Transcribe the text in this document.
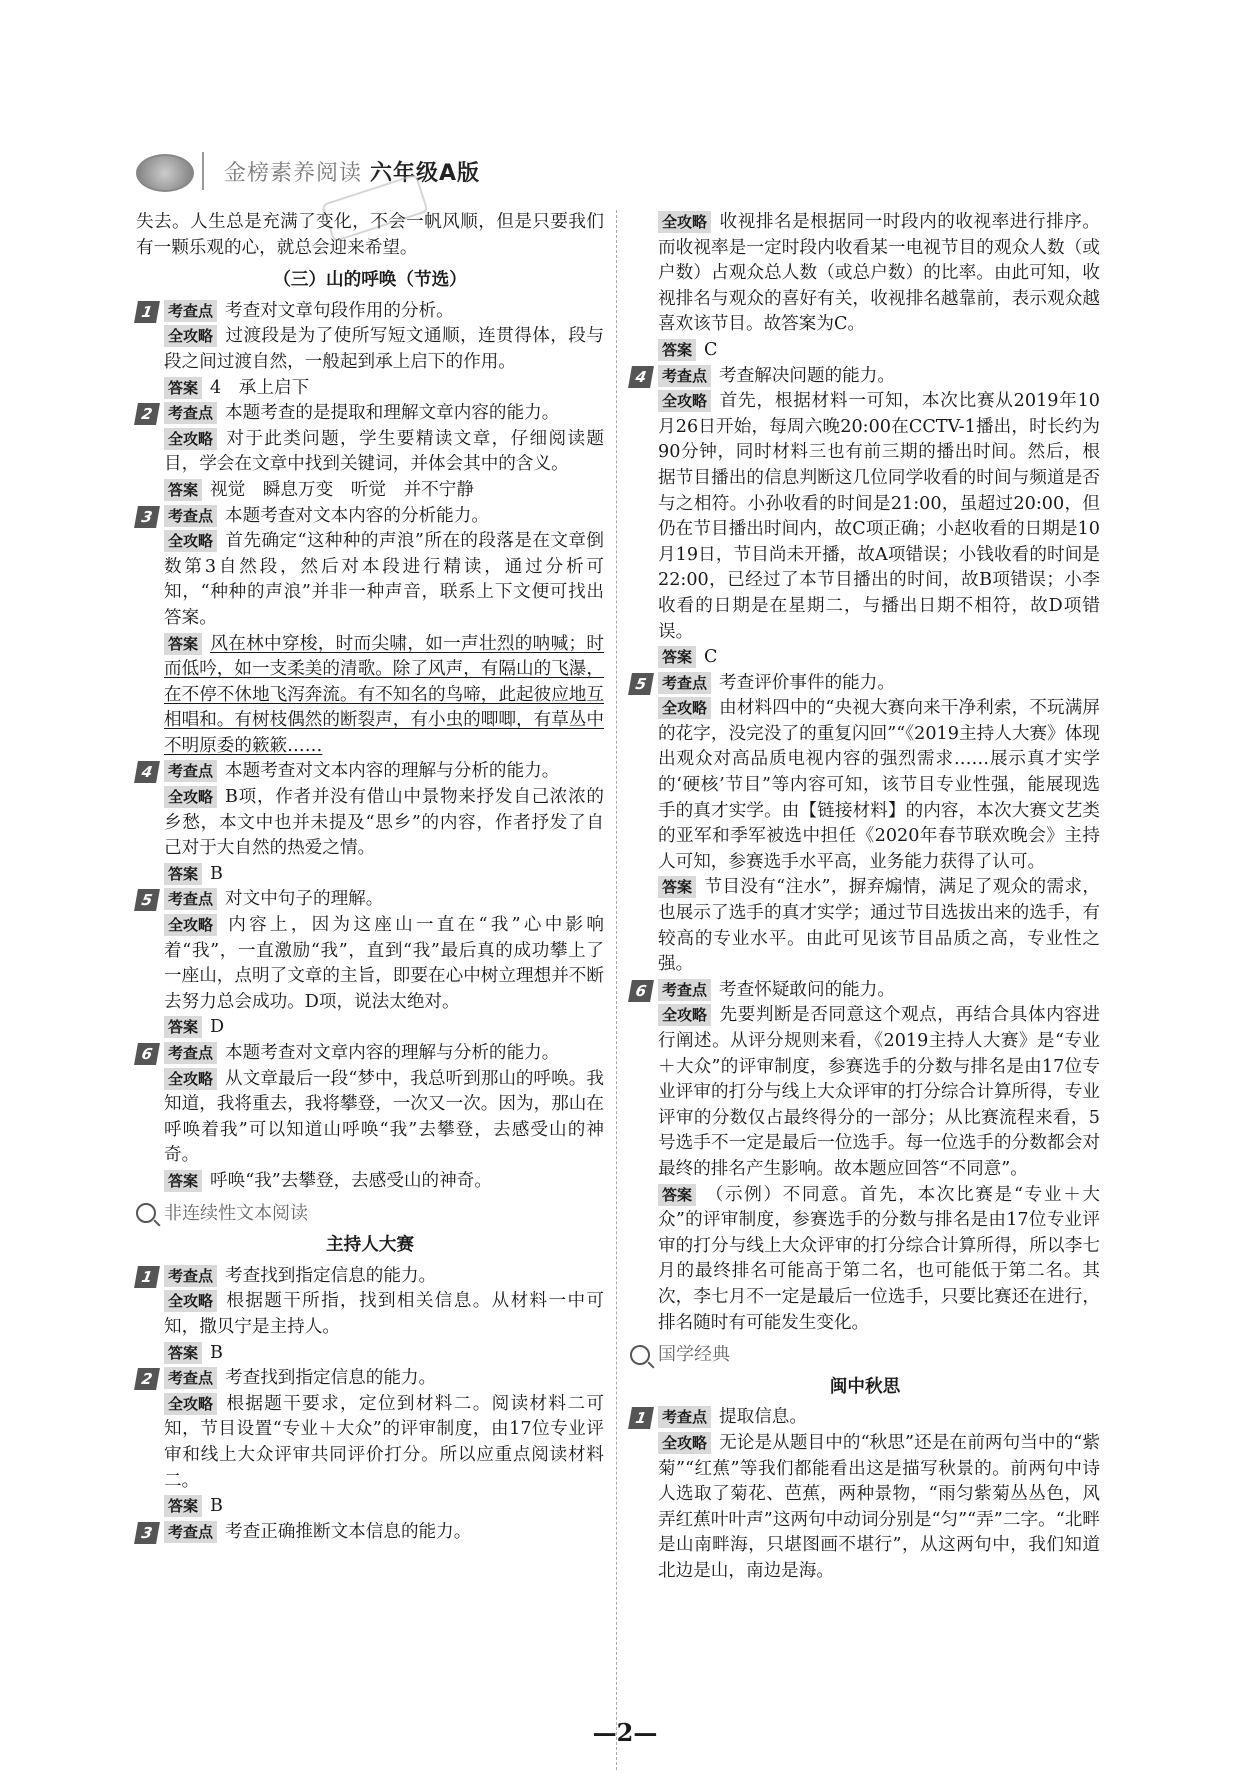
金榜素养阅读 六年级A版

失去。人生总是充满了变化，不会一帆风顺，但是只要我们有一颗乐观的心，就总会迎来希望。

（三）山的呼唤（节选）

1 考查点 考查对文章句段作用的分析。

全攻略 过渡段是为了使所写短文通顺，连贯得体，段与段之间过渡自然，一般起到承上启下的作用。

答案 4　承上启下

2 考查点 本题考查的是提取和理解文章内容的能力。

全攻略 对于此类问题，学生要精读文章，仔细阅读题目，学会在文章中找到关键词，并体会其中的含义。

答案 视觉　瞬息万变　听觉　并不宁静

3 考查点 本题考查对文本内容的分析能力。

全攻略 首先确定“这种种的声浪”所在的段落是在文章倒数第3自然段，然后对本段进行精读，通过分析可知，“种种的声浪”并非一种声音，联系上下文便可找出答案。

答案 风在林中穿梭，时而尖啸，如一声壮烈的呐喊；时而低吟，如一支柔美的清歌。除了风声，有隔山的飞瀑，在不停不休地飞泻奔流。有不知名的鸟啼，此起彼应地互相唱和。有树枝偶然的断裂声，有小虫的唧唧，有草丛中不明原委的簌簌……

4 考查点 本题考查对文本内容的理解与分析的能力。

全攻略 B项，作者并没有借山中景物来抒发自己浓浓的乡愁，本文中也并未提及“思乡”的内容，作者抒发了自己对于大自然的热爱之情。

答案 B

5 考查点 对文中句子的理解。

全攻略 内容上，因为这座山一直在“我”心中影响着“我”，一直激励“我”，直到“我”最后真的成功攀上了一座山，点明了文章的主旨，即要在心中树立理想并不断去努力总会成功。D项，说法太绝对。

答案 D

6 考查点 本题考查对文章内容的理解与分析的能力。

全攻略 从文章最后一段“梦中，我总听到那山的呼唤。我知道，我将重去，我将攀登，一次又一次。因为，那山在呼唤着我”可以知道山呼唤“我”去攀登，去感受山的神奇。

答案 呼唤“我”去攀登，去感受山的神奇。

非连续性文本阅读

主持人大赛

1 考查点 考查找到指定信息的能力。

全攻略 根据题干所指，找到相关信息。从材料一中可知，撒贝宁是主持人。

答案 B

2 考查点 考查找到指定信息的能力。

全攻略 根据题干要求，定位到材料二。阅读材料二可知，节目设置“专业＋大众”的评审制度，由17位专业评审和线上大众评审共同评价打分。所以应重点阅读材料二。

答案 B

3 考查点 考查正确推断文本信息的能力。

全攻略 收视排名是根据同一时段内的收视率进行排序。而收视率是一定时段内收看某一电视节目的观众人数（或户数）占观众总人数（或总户数）的比率。由此可知，收视排名与观众的喜好有关，收视排名越靠前，表示观众越喜欢该节目。故答案为C。

答案 C

4 考查点 考查解决问题的能力。

全攻略 首先，根据材料一可知，本次比赛从2019年10月26日开始，每周六晚20:00在CCTV-1播出，时长约为90分钟，同时材料三也有前三期的播出时间。然后，根据节目播出的信息判断这几位同学收看的时间与频道是否与之相符。小孙收看的时间是21:00，虽超过20:00，但仍在节目播出时间内，故C项正确；小赵收看的日期是10月19日，节目尚未开播，故A项错误；小钱收看的时间是22:00，已经过了本节目播出的时间，故B项错误；小李收看的日期是在星期二，与播出日期不相符，故D项错误。

答案 C

5 考查点 考查评价事件的能力。

全攻略 由材料四中的“央视大赛向来干净利索，不玩满屏的花字，没完没了的重复闪回”“《2019主持人大赛》体现出观众对高品质电视内容的强烈需求……展示真才实学的‘硬核’节目”等内容可知，该节目专业性强，能展现选手的真才实学。由【链接材料】的内容，本次大赛文艺类的亚军和季军被选中担任《2020年春节联欢晚会》主持人可知，参赛选手水平高，业务能力获得了认可。

答案 节目没有“注水”，摒弃煽情，满足了观众的需求，也展示了选手的真才实学；通过节目选拔出来的选手，有较高的专业水平。由此可见该节目品质之高，专业性之强。

6 考查点 考查怀疑敢问的能力。

全攻略 先要判断是否同意这个观点，再结合具体内容进行阐述。从评分规则来看，《2019主持人大赛》是“专业＋大众”的评审制度，参赛选手的分数与排名是由17位专业评审的打分与线上大众评审的打分综合计算所得，专业评审的分数仅占最终得分的一部分；从比赛流程来看，5号选手不一定是最后一位选手。每一位选手的分数都会对最终的排名产生影响。故本题应回答“不同意”。

答案 （示例）不同意。首先，本次比赛是“专业＋大众”的评审制度，参赛选手的分数与排名是由17位专业评审的打分与线上大众评审的打分综合计算所得，所以李七月的最终排名可能高于第二名，也可能低于第二名。其次，李七月不一定是最后一位选手，只要比赛还在进行，排名随时有可能发生变化。

国学经典

闽中秋思

1 考查点 提取信息。

全攻略 无论是从题目中的“秋思”还是在前两句当中的“紫菊”“红蕉”等我们都能看出这是描写秋景的。前两句中诗人选取了菊花、芭蕉，两种景物，“雨匀紫菊丛丛色，风弄红蕉叶叶声”这两句中动词分别是“匀”“弄”二字。“北畔是山南畔海，只堪图画不堪行”，从这两句中，我们知道北边是山，南边是海。

—2—
